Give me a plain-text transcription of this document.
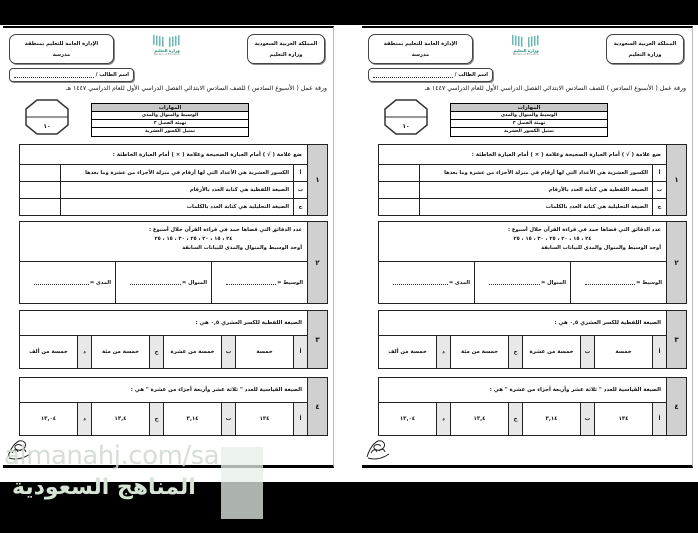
المملكة العربية السعودية
وزارة التعليم
وزارة التعليم
Ministry of Education
الإدارة العامة للتعليم بمنطقة
مدرسة
اسم الطالب /
ورقة عمل ( الأسبوع السادس ) للصف السادس الابتدائي الفصل الدراسي الأول للعام الدراسي ١٤٤٧ هـ
١٠
المهارات
الوسيط والمنوال والمدى
تهيئة الفصل ٣
تمثيل الكسور العشرية
١
ضع علامة ( √ ) أمام العبارة الصحيحة وعلامة ( × ) أمام العبارة الخاطئة :
أ
الكسور العشرية هي الأعداد التي لها أرقام في منزلة الأجزاء من عشرة وما بعدها
ب
الصيغة اللفظية هي كتابة العدد بالأرقام
ج
الصيغة التحليلية هي كتابة العدد بالكلمات
٢
عدد الدقائق التي قضاها حمد في قراءة القرآن خلال أسبوع :
٢٤ ، ١٥ ، ٢٠ ، ٢٥ ، ٣٠ ، ١٥ ، ٢٥
أوجد الوسيط والمنوال والمدى للبيانات السابقة
الوسيط =
المنوال =
المدى =
٣
الصيغة اللفظية للكسر العشري ٠,٥ هي :
أ
خمسة
ب
خمسة من عشرة
ج
خمسة من مئة
د
خمسة من ألف
٤
الصيغة القياسية للعدد " ثلاثة عشر وأربعة أجزاء من عشرة " هي :
أ
١٣٤
ب
٣,١٤
ج
١٣,٤
د
١٣,٠٤
المملكة العربية السعودية
وزارة التعليم
وزارة التعليم
Ministry of Education
الإدارة العامة للتعليم بمنطقة
مدرسة
اسم الطالب /
ورقة عمل ( الأسبوع السادس ) للصف السادس الابتدائي الفصل الدراسي الأول للعام الدراسي ١٤٤٧ هـ
١٠
المهارات
الوسيط والمنوال والمدى
تهيئة الفصل ٣
تمثيل الكسور العشرية
١
ضع علامة ( √ ) أمام العبارة الصحيحة وعلامة ( × ) أمام العبارة الخاطئة :
أ
الكسور العشرية هي الأعداد التي لها أرقام في منزلة الأجزاء من عشرة وما بعدها
ب
الصيغة اللفظية هي كتابة العدد بالأرقام
ج
الصيغة التحليلية هي كتابة العدد بالكلمات
٢
عدد الدقائق التي قضاها حمد في قراءة القرآن خلال أسبوع :
٢٤ ، ١٥ ، ٢٠ ، ٢٥ ، ٣٠ ، ١٥ ، ٢٥
أوجد الوسيط والمنوال والمدى للبيانات السابقة
الوسيط =
المنوال =
المدى =
٣
الصيغة اللفظية للكسر العشري ٠,٥ هي :
أ
خمسة
ب
خمسة من عشرة
ج
خمسة من مئة
د
خمسة من ألف
٤
الصيغة القياسية للعدد " ثلاثة عشر وأربعة أجزاء من عشرة " هي :
أ
١٣٤
ب
٣,١٤
ج
١٣,٤
د
١٣,٠٤
almanahj.com/sa
المناهج السعودية
